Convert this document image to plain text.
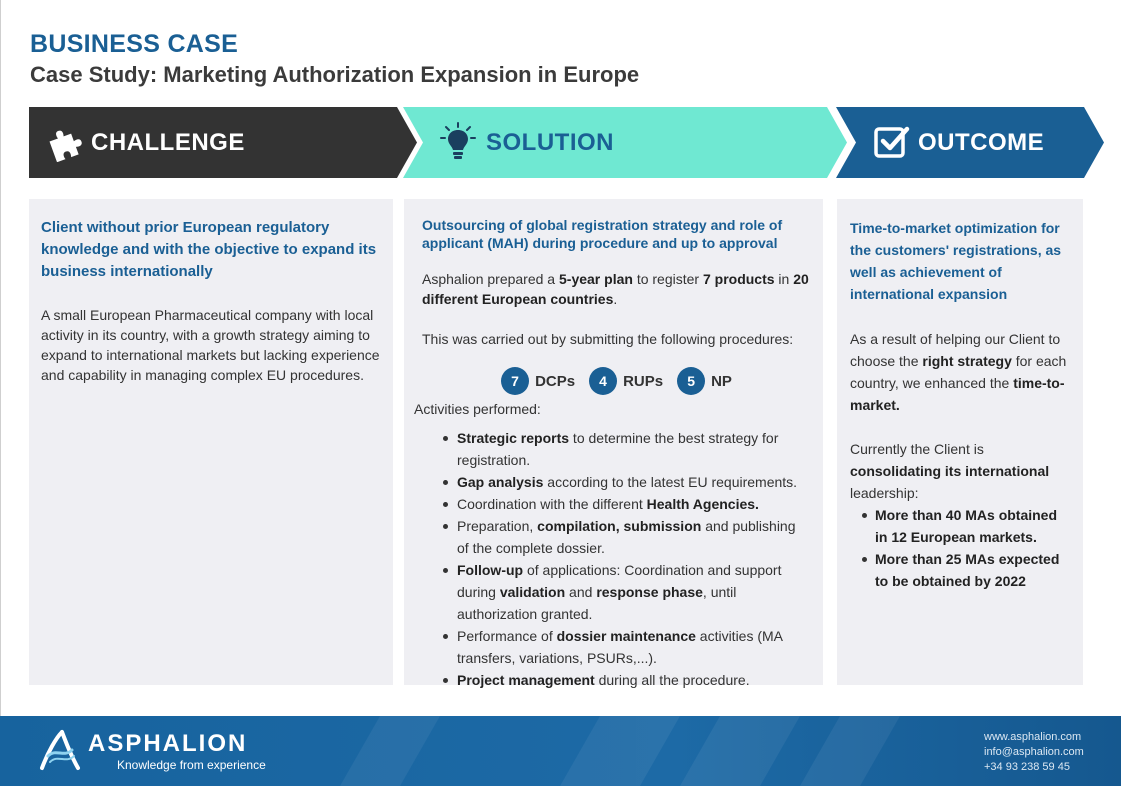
BUSINESS CASE
Case Study: Marketing Authorization Expansion in Europe
CHALLENGE	SOLUTION	OUTCOME
Client without prior European regulatory knowledge and with the objective to expand its business internationally
A small European Pharmaceutical company with local activity in its country, with a growth strategy aiming to expand to international markets but lacking experience and capability in managing complex EU procedures.
Outsourcing of global registration strategy and role of applicant (MAH) during procedure and up to approval
Asphalion prepared a 5-year plan to register 7 products in 20 different European countries.
This was carried out by submitting the following procedures:
7	DCPs	4	RUPs	5	NP
Activities performed:
Strategic reports to determine the best strategy for registration.
Gap analysis according to the latest EU requirements.
Coordination with the different Health Agencies.
Preparation, compilation, submission and publishing of the complete dossier.
Follow-up of applications: Coordination and support during validation and response phase, until authorization granted.
Performance of dossier maintenance activities (MA transfers, variations, PSURs,...).
Project management during all the procedure.
Time-to-market optimization for the customers' registrations, as well as achievement of international expansion
As a result of helping our Client to choose the right strategy for each country, we enhanced the time-to-market.
Currently the Client is consolidating its international leadership:
More than 40 MAs obtained in 12 European markets.
More than 25 MAs expected to be obtained by 2022
ASPHALION
Knowledge from experience
www.asphalion.com
info@asphalion.com
+34 93 238 59 45
